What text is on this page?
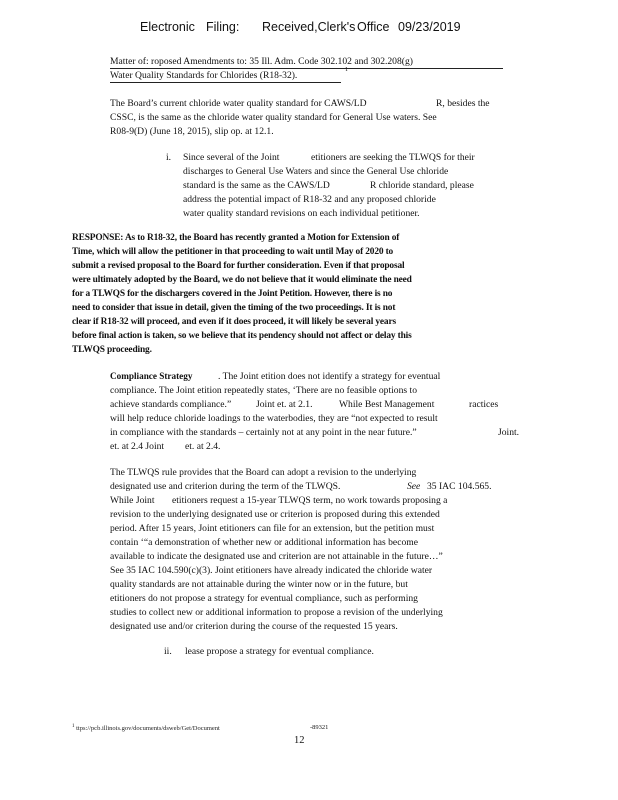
Electronic Filing: Received,Clerk's Office 09/23/2019
Matter of: roposed Amendments to: 35 Ill. Adm. Code 302.102 and 302.208(g)
Water Quality Standards for Chlorides (R18-32).	1
The Board’s current chloride water quality standard for CAWS/LD	R, besides the
CSSC, is the same as the chloride water quality standard for General Use waters. See
R08-9(D) (June 18, 2015), slip op. at 12.1.
i. Since several of the Joint	etitioners are seeking the TLWQS for their
discharges to General Use Waters and since the General Use chloride
standard is the same as the CAWS/LD	R chloride standard, please
address the potential impact of R18-32 and any proposed chloride
water quality standard revisions on each individual petitioner.
RESPONSE: As to R18-32, the Board has recently granted a Motion for Extension of
Time, which will allow the petitioner in that proceeding to wait until May of 2020 to
submit a revised proposal to the Board for further consideration. Even if that proposal
were ultimately adopted by the Board, we do not believe that it would eliminate the need
for a TLWQS for the dischargers covered in the Joint Petition. However, there is no
need to consider that issue in detail, given the timing of the two proceedings. It is not
clear if R18-32 will proceed, and even if it does proceed, it will likely be several years
before final action is taken, so we believe that its pendency should not affect or delay this
TLWQS proceeding.
Compliance Strategy	. The Joint etition does not identify a strategy for eventual
compliance. The Joint etition repeatedly states, ‘There are no feasible options to
achieve standards compliance.”	Joint et. at 2.1.	While Best Management	ractices
will help reduce chloride loadings to the waterbodies, they are “not expected to result
in compliance with the standards – certainly not at any point in the near future.”	Joint.
et. at 2.4 Joint et. at 2.4.
The TLWQS rule provides that the Board can adopt a revision to the underlying
designated use and criterion during the term of the TLWQS.	See 35 IAC 104.565.
While Joint etitioners request a 15-year TLWQS term, no work towards proposing a
revision to the underlying designated use or criterion is proposed during this extended
period. After 15 years, Joint etitioners can file for an extension, but the petition must
contain ‘“a demonstration of whether new or additional information has become
available to indicate the designated use and criterion are not attainable in the future…”
See 35 IAC 104.590(c)(3). Joint etitioners have already indicated the chloride water
quality standards are not attainable during the winter now or in the future, but
etitioners do not propose a strategy for eventual compliance, such as performing
studies to collect new or additional information to propose a revision of the underlying
designated use and/or criterion during the course of the requested 15 years.
ii. lease propose a strategy for eventual compliance.
$^1$ ttps://pcb.illinois.gov/documents/dsweb/Get/Document	-89321
12
